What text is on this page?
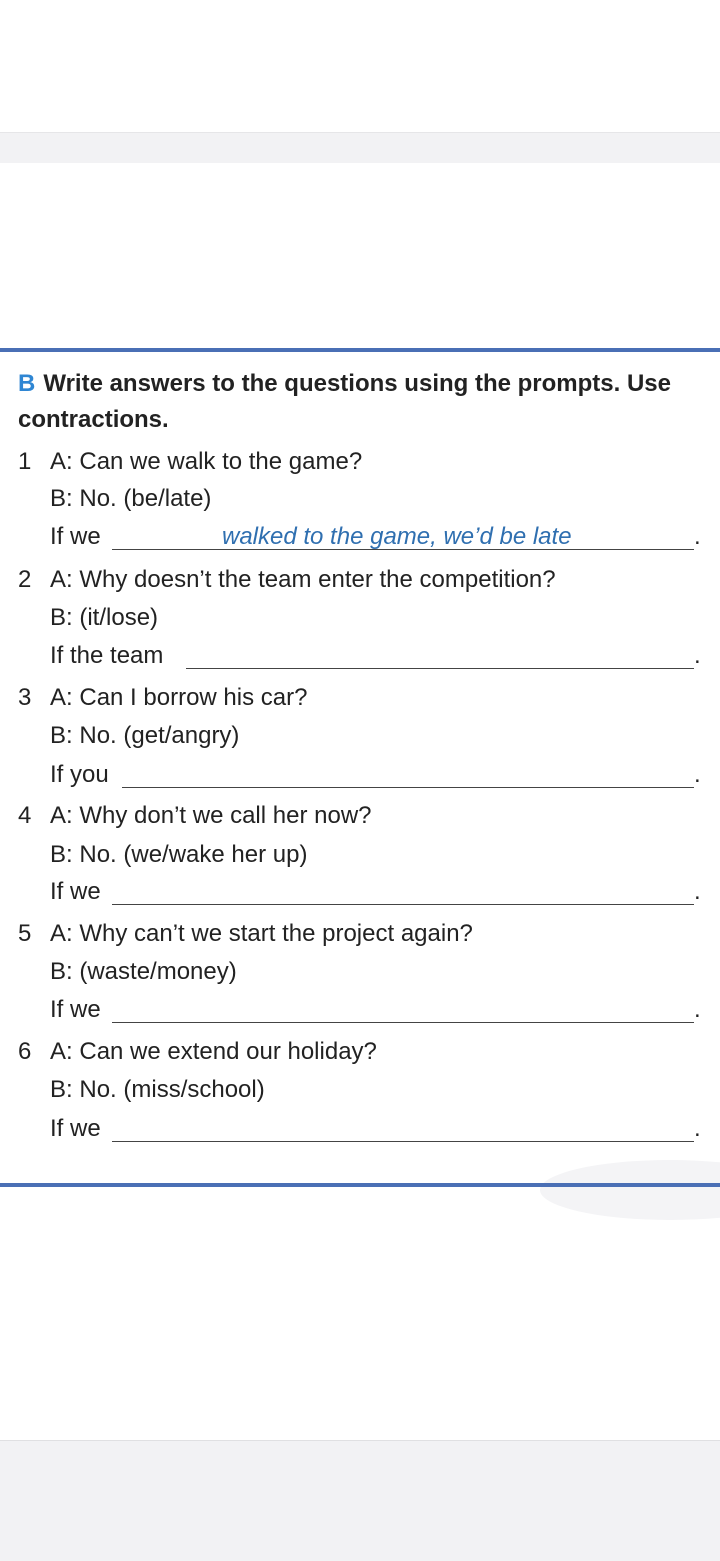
B Write answers to the questions using the prompts. Use contractions.
1 A: Can we walk to the game?
B: No. (be/late)
If we	walked to the game, we’d be late	.
2 A: Why doesn’t the team enter the competition?
B: (it/lose)
If the team	.
3 A: Can I borrow his car?
B: No. (get/angry)
If you	.
4 A: Why don’t we call her now?
B: No. (we/wake her up)
If we	.
5 A: Why can’t we start the project again?
B: (waste/money)
If we	.
6 A: Can we extend our holiday?
B: No. (miss/school)
If we	.
